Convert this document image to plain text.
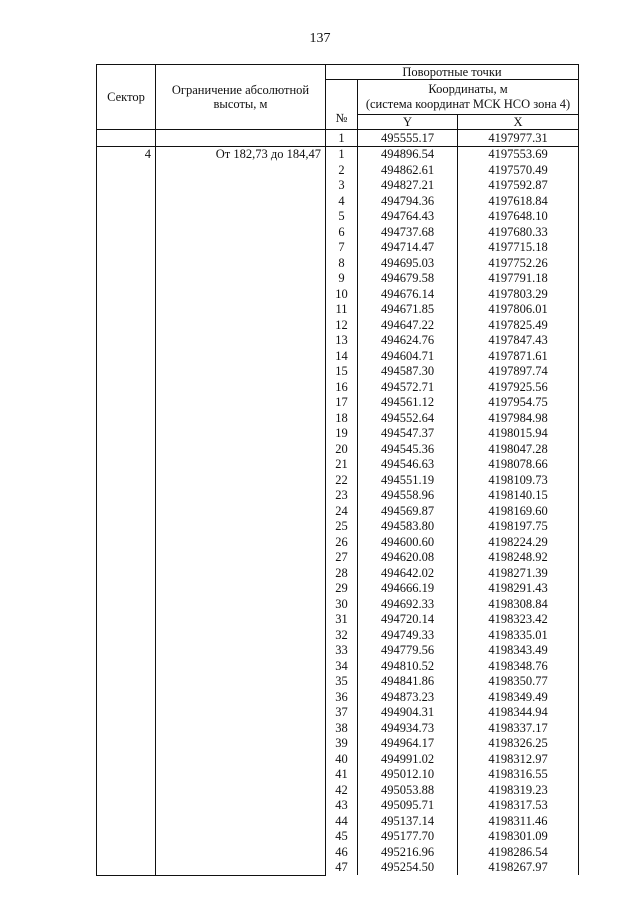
137
Сектор	Ограничение абсолютной высоты, м	Поворотные точки		
		№	Координаты, м
(система координат МСК НСО зона 4)	
			Y	X
		1	495555.17	4197977.31
4	От 182,73 до 184,47	1	494896.54	4197553.69
		2	494862.61	4197570.49
		3	494827.21	4197592.87
		4	494794.36	4197618.84
		5	494764.43	4197648.10
		6	494737.68	4197680.33
		7	494714.47	4197715.18
		8	494695.03	4197752.26
		9	494679.58	4197791.18
		10	494676.14	4197803.29
		11	494671.85	4197806.01
		12	494647.22	4197825.49
		13	494624.76	4197847.43
		14	494604.71	4197871.61
		15	494587.30	4197897.74
		16	494572.71	4197925.56
		17	494561.12	4197954.75
		18	494552.64	4197984.98
		19	494547.37	4198015.94
		20	494545.36	4198047.28
		21	494546.63	4198078.66
		22	494551.19	4198109.73
		23	494558.96	4198140.15
		24	494569.87	4198169.60
		25	494583.80	4198197.75
		26	494600.60	4198224.29
		27	494620.08	4198248.92
		28	494642.02	4198271.39
		29	494666.19	4198291.43
		30	494692.33	4198308.84
		31	494720.14	4198323.42
		32	494749.33	4198335.01
		33	494779.56	4198343.49
		34	494810.52	4198348.76
		35	494841.86	4198350.77
		36	494873.23	4198349.49
		37	494904.31	4198344.94
		38	494934.73	4198337.17
		39	494964.17	4198326.25
		40	494991.02	4198312.97
		41	495012.10	4198316.55
		42	495053.88	4198319.23
		43	495095.71	4198317.53
		44	495137.14	4198311.46
		45	495177.70	4198301.09
		46	495216.96	4198286.54
		47	495254.50	4198267.97
